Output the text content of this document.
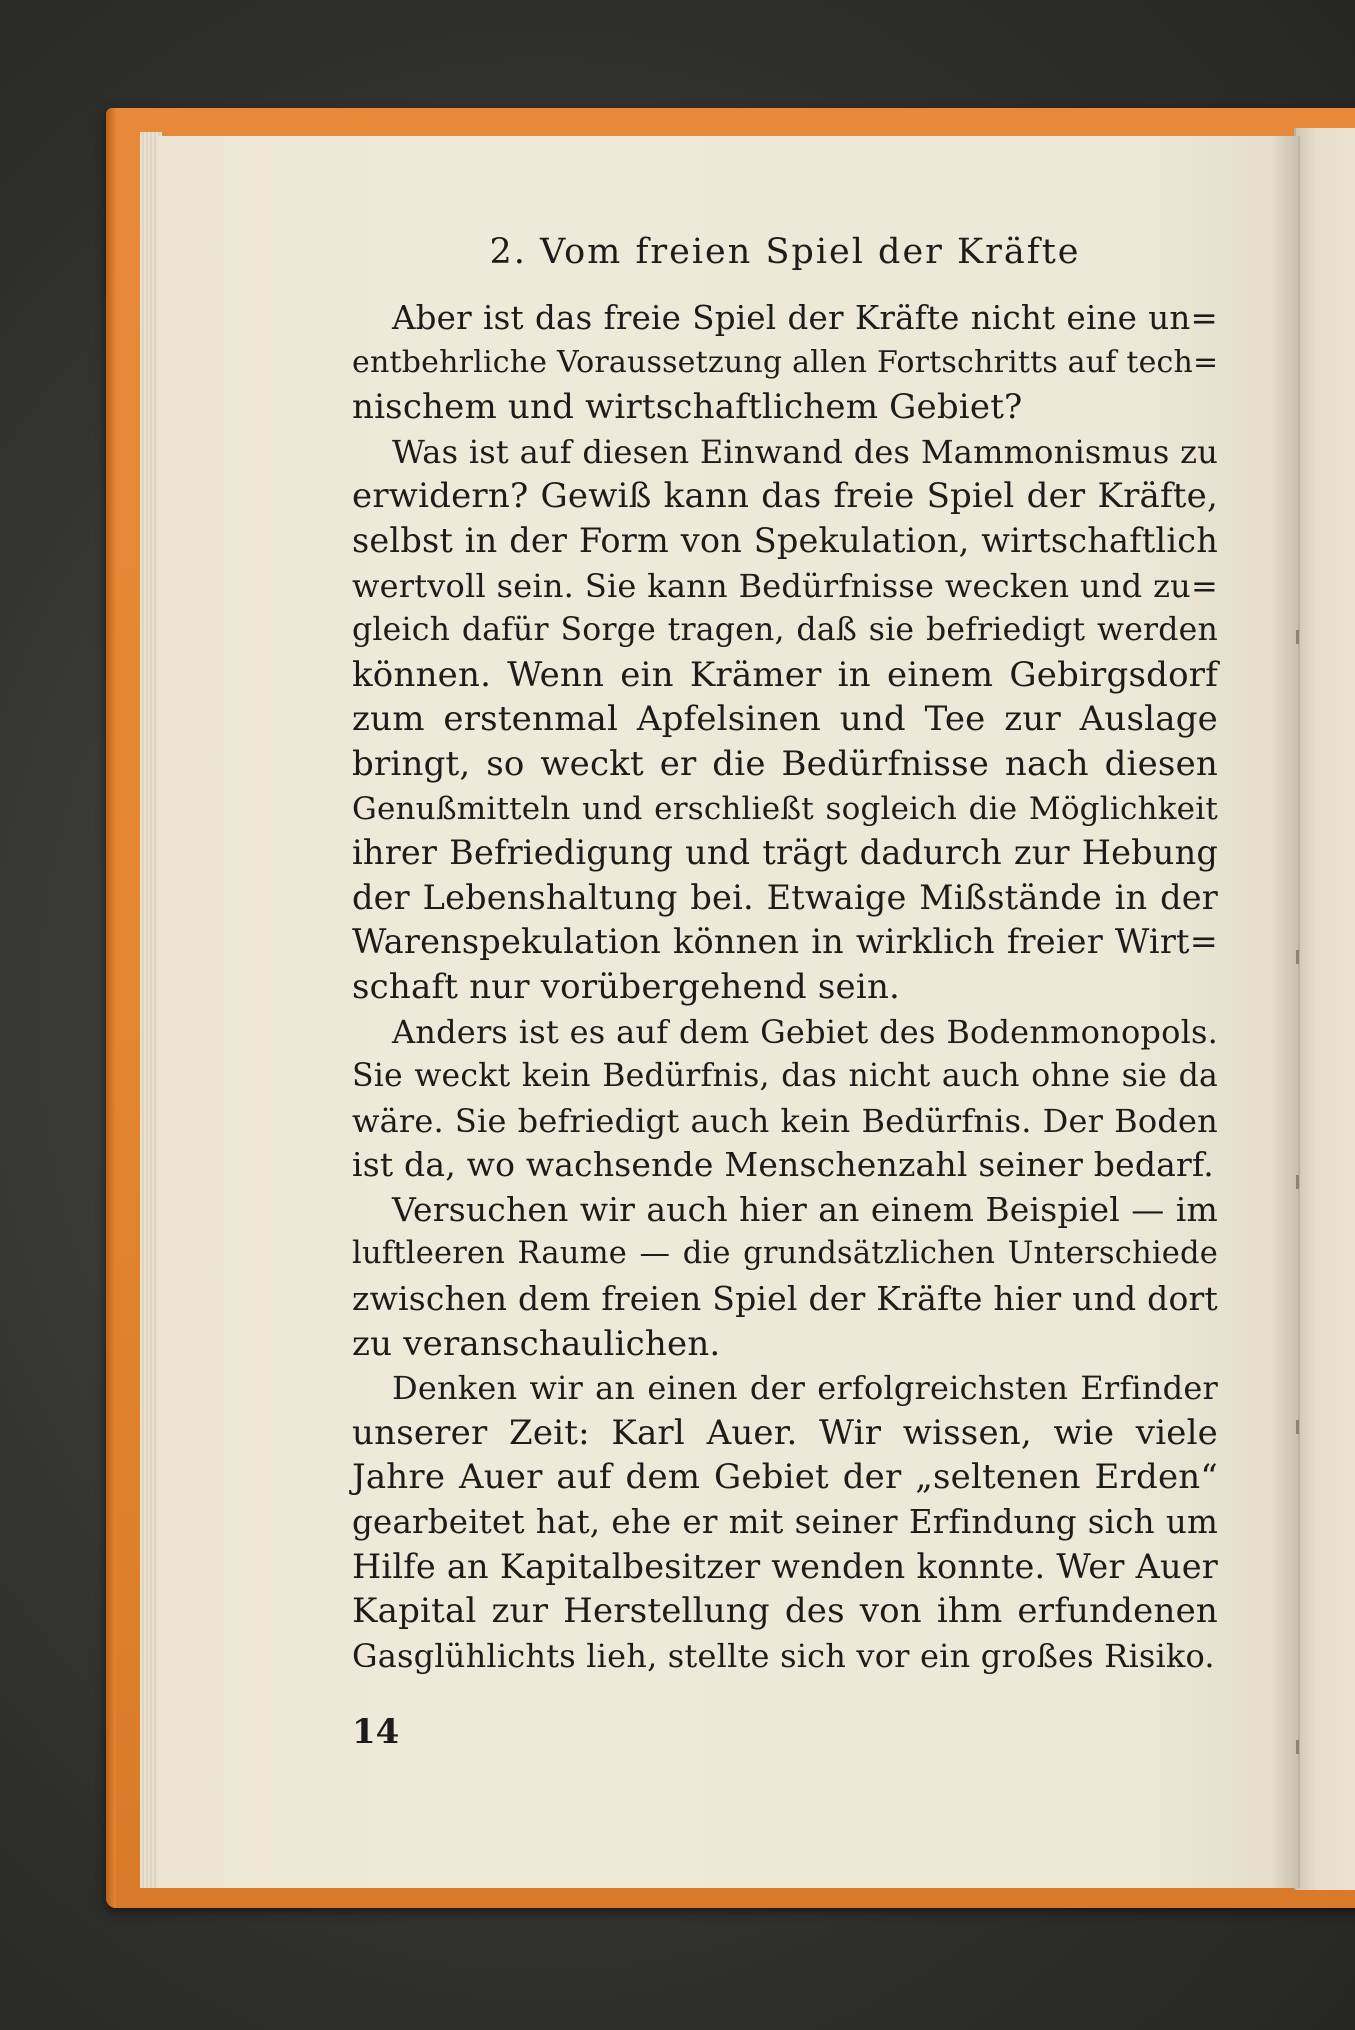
2. Vom freien Spiel der Kräfte
Aber ist das freie Spiel der Kräfte nicht eine un=
entbehrliche Voraussetzung allen Fortschritts auf tech=
nischem und wirtschaftlichem Gebiet?
Was ist auf diesen Einwand des Mammonismus zu
erwidern? Gewiß kann das freie Spiel der Kräfte,
selbst in der Form von Spekulation, wirtschaftlich
wertvoll sein. Sie kann Bedürfnisse wecken und zu=
gleich dafür Sorge tragen, daß sie befriedigt werden
können. Wenn ein Krämer in einem Gebirgsdorf
zum erstenmal Apfelsinen und Tee zur Auslage
bringt, so weckt er die Bedürfnisse nach diesen
Genußmitteln und erschließt sogleich die Möglichkeit
ihrer Befriedigung und trägt dadurch zur Hebung
der Lebenshaltung bei. Etwaige Mißstände in der
Warenspekulation können in wirklich freier Wirt=
schaft nur vorübergehend sein.
Anders ist es auf dem Gebiet des Bodenmonopols.
Sie weckt kein Bedürfnis, das nicht auch ohne sie da
wäre. Sie befriedigt auch kein Bedürfnis. Der Boden
ist da, wo wachsende Menschenzahl seiner bedarf.
Versuchen wir auch hier an einem Beispiel — im
luftleeren Raume — die grundsätzlichen Unterschiede
zwischen dem freien Spiel der Kräfte hier und dort
zu veranschaulichen.
Denken wir an einen der erfolgreichsten Erfinder
unserer Zeit: Karl Auer. Wir wissen, wie viele
Jahre Auer auf dem Gebiet der „seltenen Erden“
gearbeitet hat, ehe er mit seiner Erfindung sich um
Hilfe an Kapitalbesitzer wenden konnte. Wer Auer
Kapital zur Herstellung des von ihm erfundenen
Gasglühlichts lieh, stellte sich vor ein großes Risiko.
14
